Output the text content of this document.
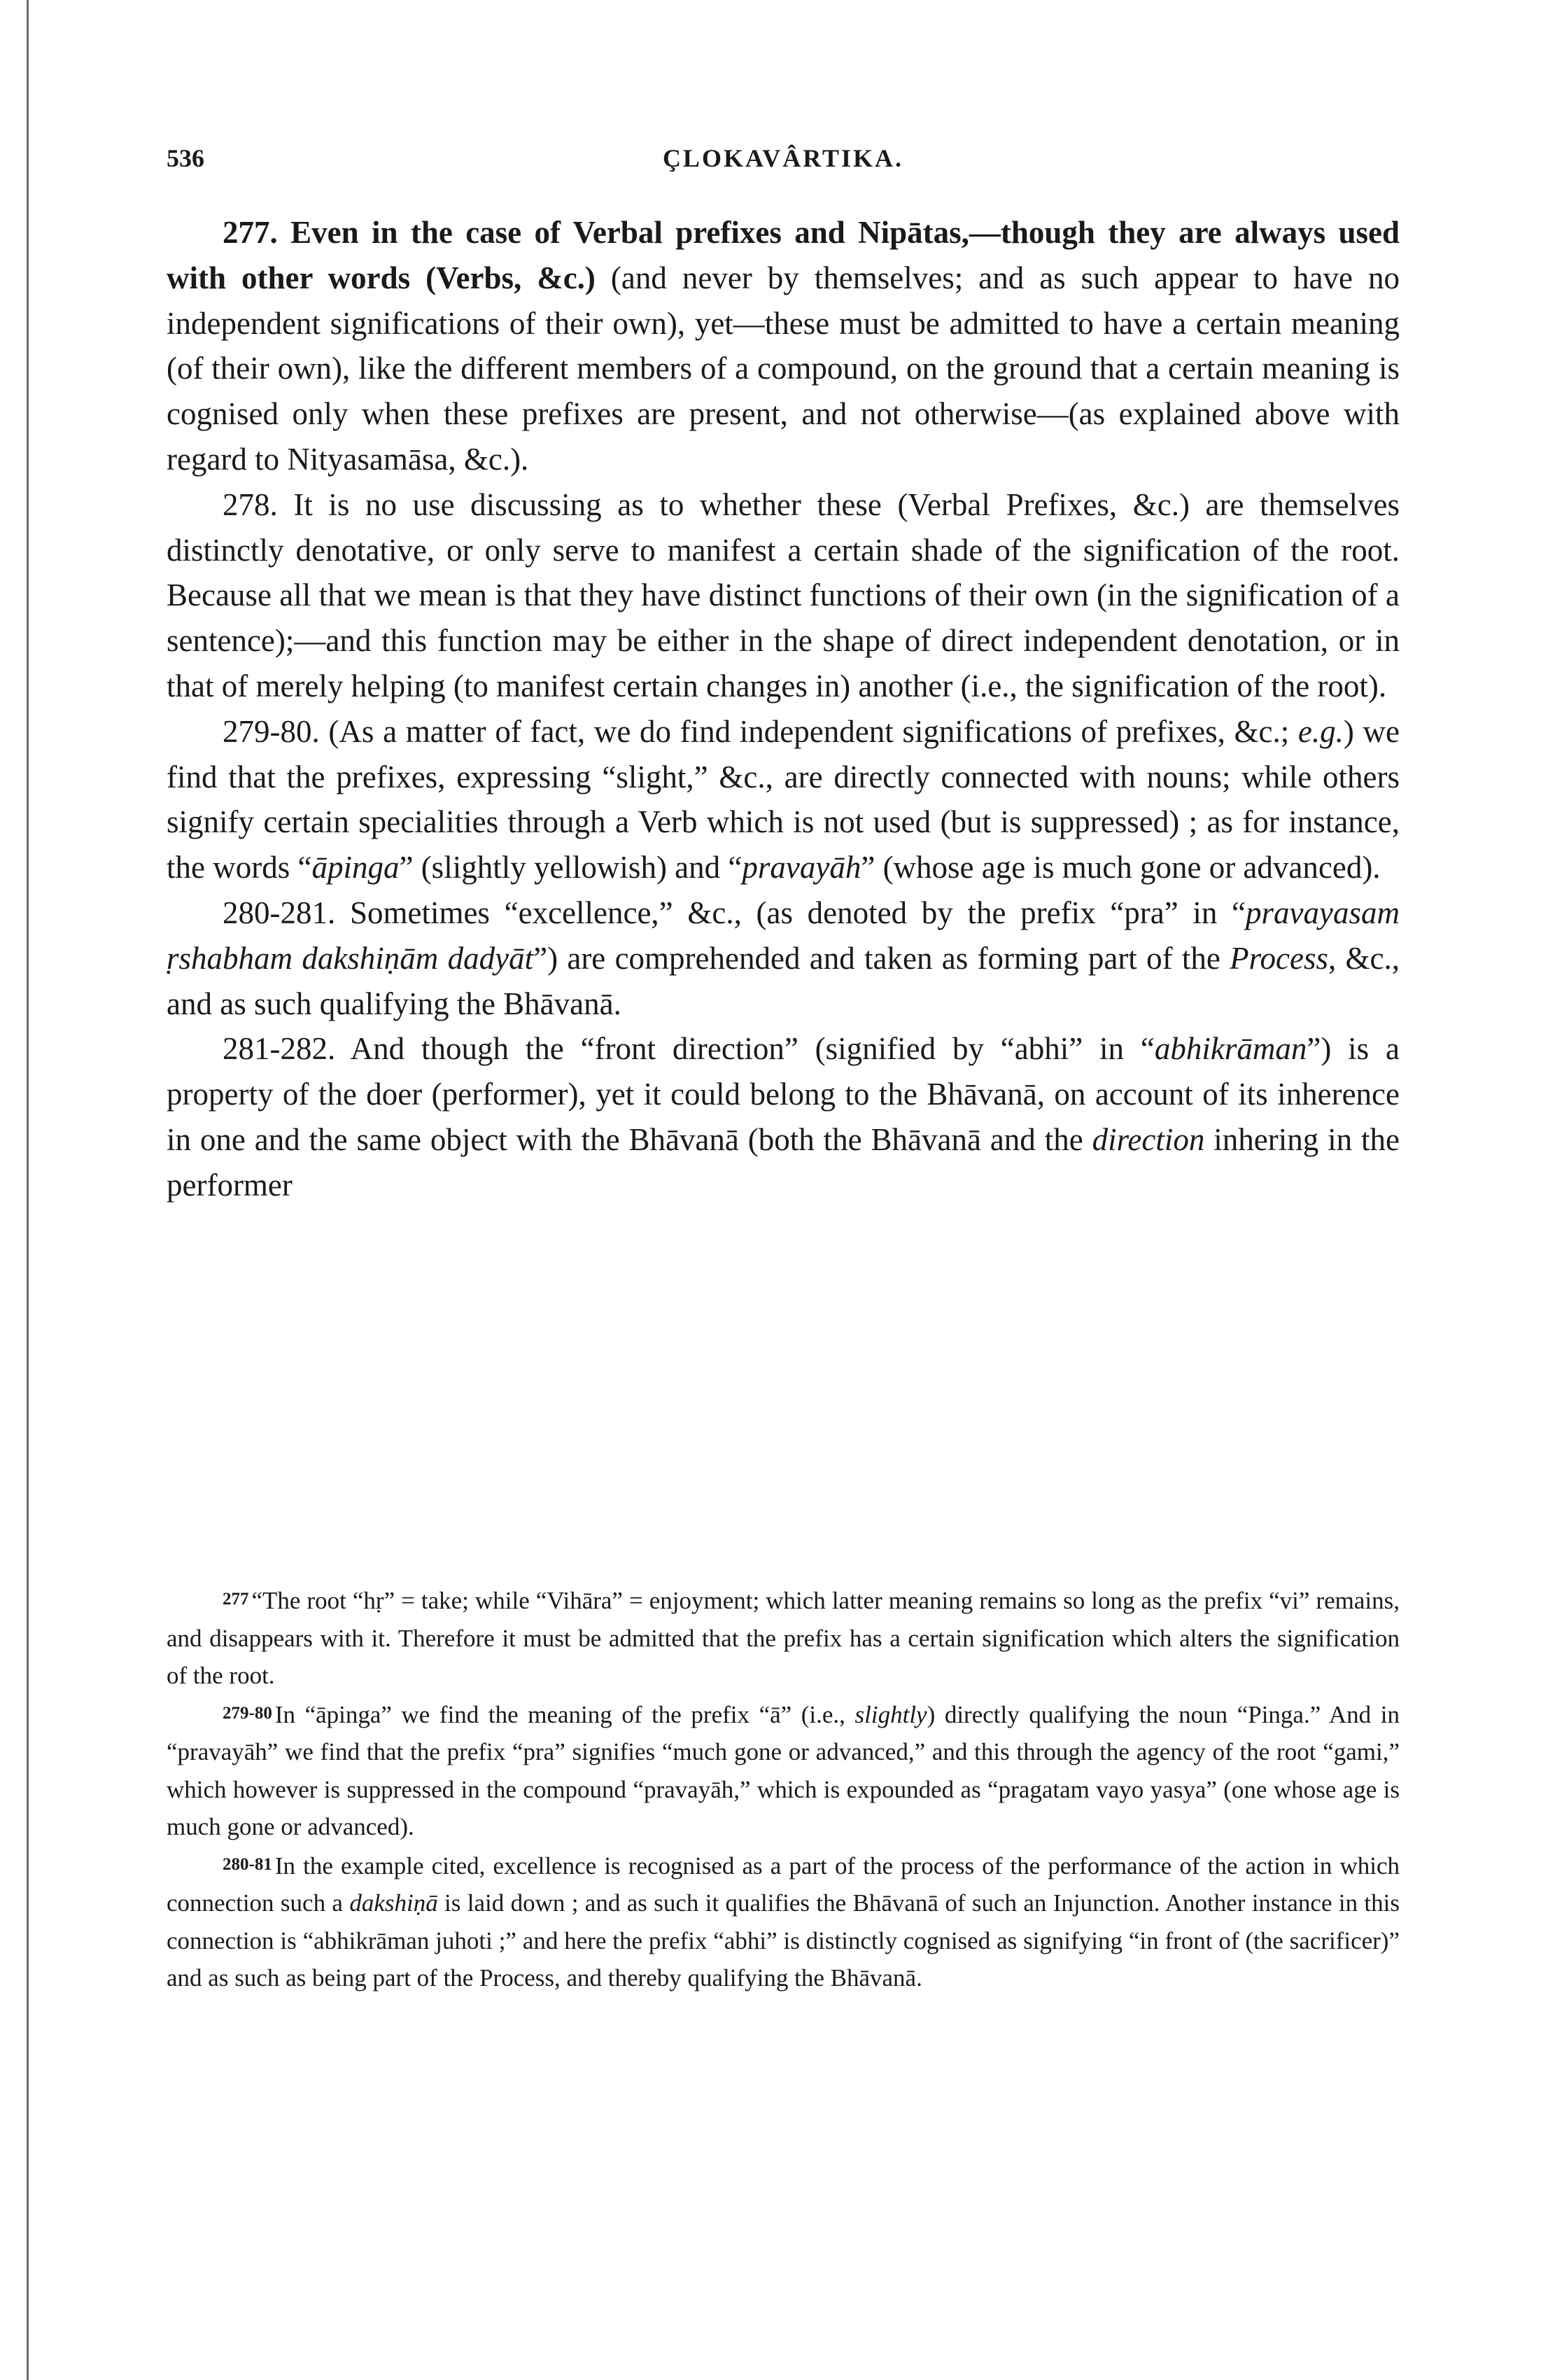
536	ÇLOKAVÂRTIKA.

277. Even in the case of Verbal prefixes and Nipātas,—though they are always used with other words (Verbs, &c.) (and never by themselves; and as such appear to have no independent significations of their own), yet—these must be admitted to have a certain meaning (of their own), like the different members of a compound, on the ground that a certain meaning is cognised only when these prefixes are present, and not otherwise—(as explained above with regard to Nityasamāsa, &c.).

278. It is no use discussing as to whether these (Verbal Prefixes, &c.) are themselves distinctly denotative, or only serve to manifest a certain shade of the signification of the root. Because all that we mean is that they have distinct functions of their own (in the signification of a sentence);—and this function may be either in the shape of direct independent denotation, or in that of merely helping (to manifest certain changes in) another (i.e., the signification of the root).

279-80. (As a matter of fact, we do find independent significations of prefixes, &c.; e.g.) we find that the prefixes, expressing “slight,” &c., are directly connected with nouns; while others signify certain specialities through a Verb which is not used (but is suppressed) ; as for instance, the words “āpinga” (slightly yellowish) and “pravayāh” (whose age is much gone or advanced).

280-281. Sometimes “excellence,” &c., (as denoted by the prefix “pra” in “pravayasam ṛshabham dakshiṇām dadyāt”) are comprehended and taken as forming part of the Process, &c., and as such qualifying the Bhāvanā.

281-282. And though the “front direction” (signified by “abhi” in “abhikrāman”) is a property of the doer (performer), yet it could belong to the Bhāvanā, on account of its inherence in one and the same object with the Bhāvanā (both the Bhāvanā and the direction inhering in the performer

277 “The root “hṛ” = take; while “Vihāra” = enjoyment; which latter meaning remains so long as the prefix “vi” remains, and disappears with it. Therefore it must be admitted that the prefix has a certain signification which alters the signification of the root.

279-80 In “āpinga” we find the meaning of the prefix “ā” (i.e., slightly) directly qualifying the noun “Pinga.” And in “pravayāh” we find that the prefix “pra” signifies “much gone or advanced,” and this through the agency of the root “gami,” which however is suppressed in the compound “pravayāh,” which is expounded as “pragatam vayo yasya” (one whose age is much gone or advanced).

280-81 In the example cited, excellence is recognised as a part of the process of the performance of the action in which connection such a dakshiṇā is laid down ; and as such it qualifies the Bhāvanā of such an Injunction. Another instance in this connection is “abhikrāman juhoti ;” and here the prefix “abhi” is distinctly cognised as signifying “in front of (the sacrificer)” and as such as being part of the Process, and thereby qualifying the Bhāvanā.
